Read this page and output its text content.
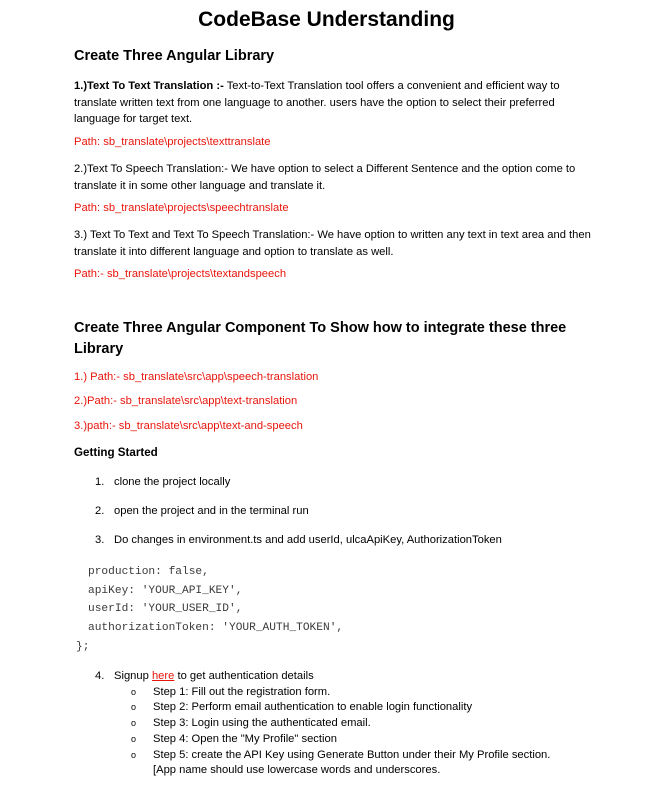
CodeBase Understanding
Create Three Angular Library

1.)Text To Text Translation :- Text-to-Text Translation tool offers a convenient and efficient way to translate written text from one language to another. users have the option to select their preferred language for target text.

Path: sb_translate\projects\texttranslate

2.)Text To Speech Translation:- We have option to select a Different Sentence and the option come to translate it in some other language and translate it.

Path: sb_translate\projects\speechtranslate

3.) Text To Text and Text To Speech Translation:- We have option to written any text in text area and then translate it into different language and option to translate as well.

Path:- sb_translate\projects\textandspeech

Create Three Angular Component To Show how to integrate these three
Library

1.) Path:- sb_translate\src\app\speech-translation

2.)Path:- sb_translate\src\app\text-translation

3.)path:- sb_translate\src\app\text-and-speech

Getting Started

1. clone the project locally

2. open the project and in the terminal run

3. Do changes in environment.ts and add userId, ulcaApiKey, AuthorizationToken

production: false,
apiKey: 'YOUR_API_KEY',
userId: 'YOUR_USER_ID',
authorizationToken: 'YOUR_AUTH_TOKEN',
};

4. Signup here to get authentication details

o Step 1: Fill out the registration form.

o Step 2: Perform email authentication to enable login functionality

o Step 3: Login using the authenticated email.

o Step 4: Open the "My Profile" section

o Step 5: create the API Key using Generate Button under their My Profile section. [App name should use lowercase words and underscores.
